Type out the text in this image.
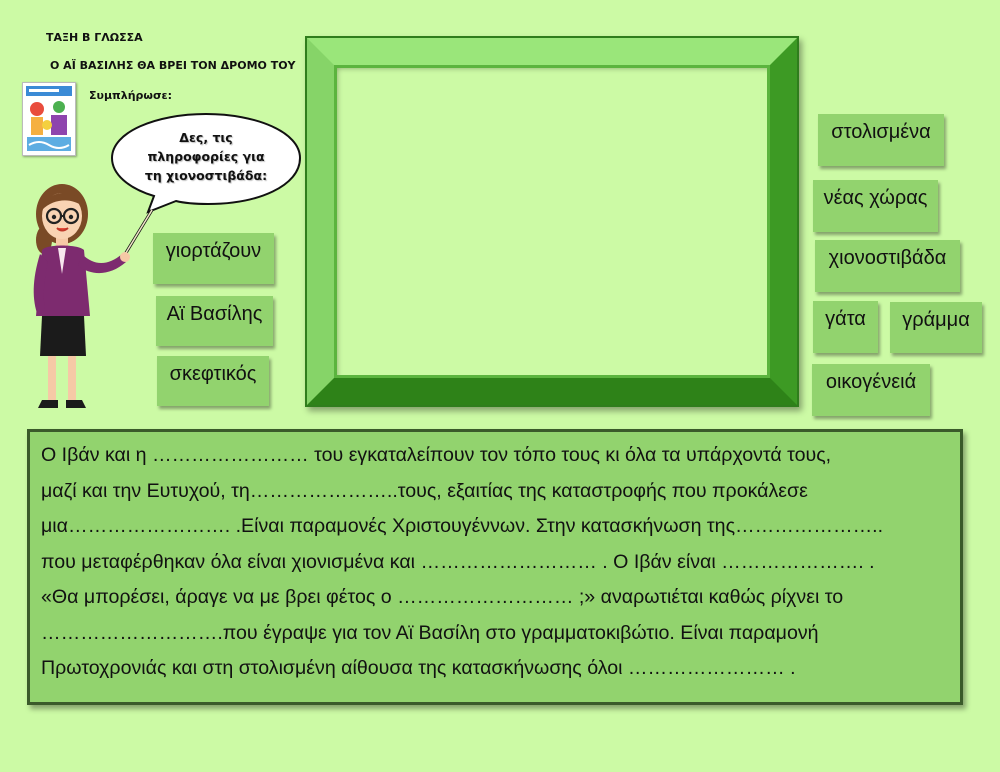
ΤΑΞΗ Β ΓΛΩΣΣΑ
Ο ΑΪ ΒΑΣΙΛΗΣ ΘΑ ΒΡΕΙ ΤΟΝ ΔΡΟΜΟ ΤΟΥ
Συμπλήρωσε:
Δες, τις
πληροφορίες για
τη χιονοστιβάδα:
γιορτάζουν
Αϊ Βασίλης
σκεφτικός
στολισμένα
νέας χώρας
χιονοστιβάδα
γάτα	γράμμα
οικογένειά
Ο Ιβάν και η …………………… του εγκαταλείπουν τον τόπο τους κι όλα τα υπάρχοντά τους,
μαζί και την Ευτυχού, τη…………………..τους, εξαιτίας της καταστροφής που προκάλεσε
μια……………………. .Είναι παραμονές Χριστουγέννων. Στην κατασκήνωση της…………………..
που μεταφέρθηκαν όλα είναι χιονισμένα και ……………………… . Ο Ιβάν είναι …………………. .
«Θα μπορέσει, άραγε να με βρει φέτος ο ……………………… ;» αναρωτιέται καθώς ρίχνει το
……………………….που έγραψε για τον Αϊ Βασίλη στο γραμματοκιβώτιο. Είναι παραμονή
Πρωτοχρονιάς και στη στολισμένη αίθουσα της κατασκήνωσης όλοι …………………… .
